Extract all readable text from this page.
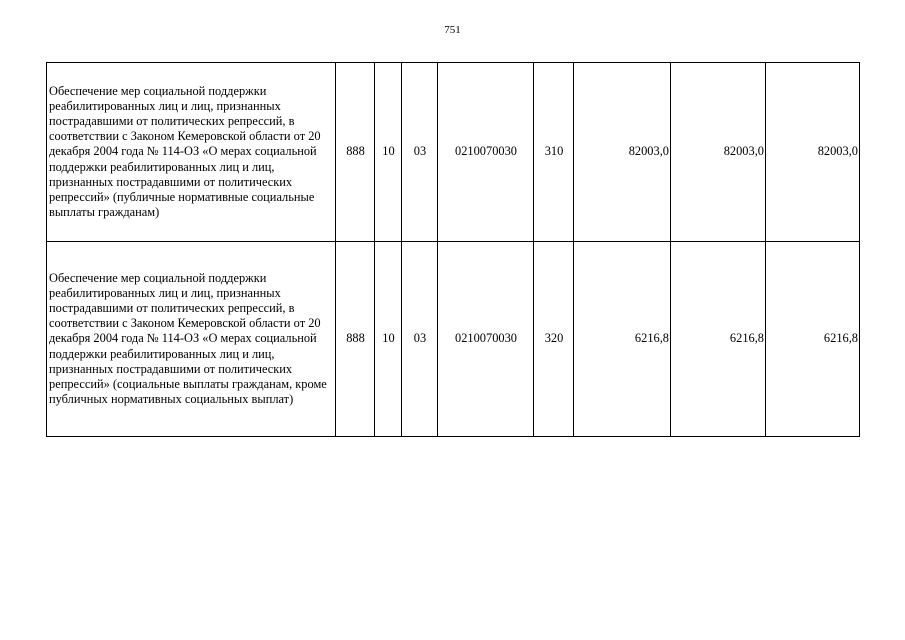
751
Обеспечение мер социальной поддержки реабилитированных лиц и лиц, признанных пострадавшими от политических репрессий, в соответствии с Законом Кемеровской области от 20 декабря 2004 года № 114-ОЗ «О мерах социальной поддержки реабилитированных лиц и лиц, признанных пострадавшими от политических репрессий» (публичные нормативные социальные выплаты гражданам)	888	10	03	0210070030	310	82003,0	82003,0	82003,0
Обеспечение мер социальной поддержки реабилитированных лиц и лиц, признанных пострадавшими от политических репрессий, в соответствии с Законом Кемеровской области от 20 декабря 2004 года № 114-ОЗ «О мерах социальной поддержки реабилитированных лиц и лиц, признанных пострадавшими от политических репрессий» (социальные выплаты гражданам, кроме публичных нормативных социальных выплат)	888	10	03	0210070030	320	6216,8	6216,8	6216,8
